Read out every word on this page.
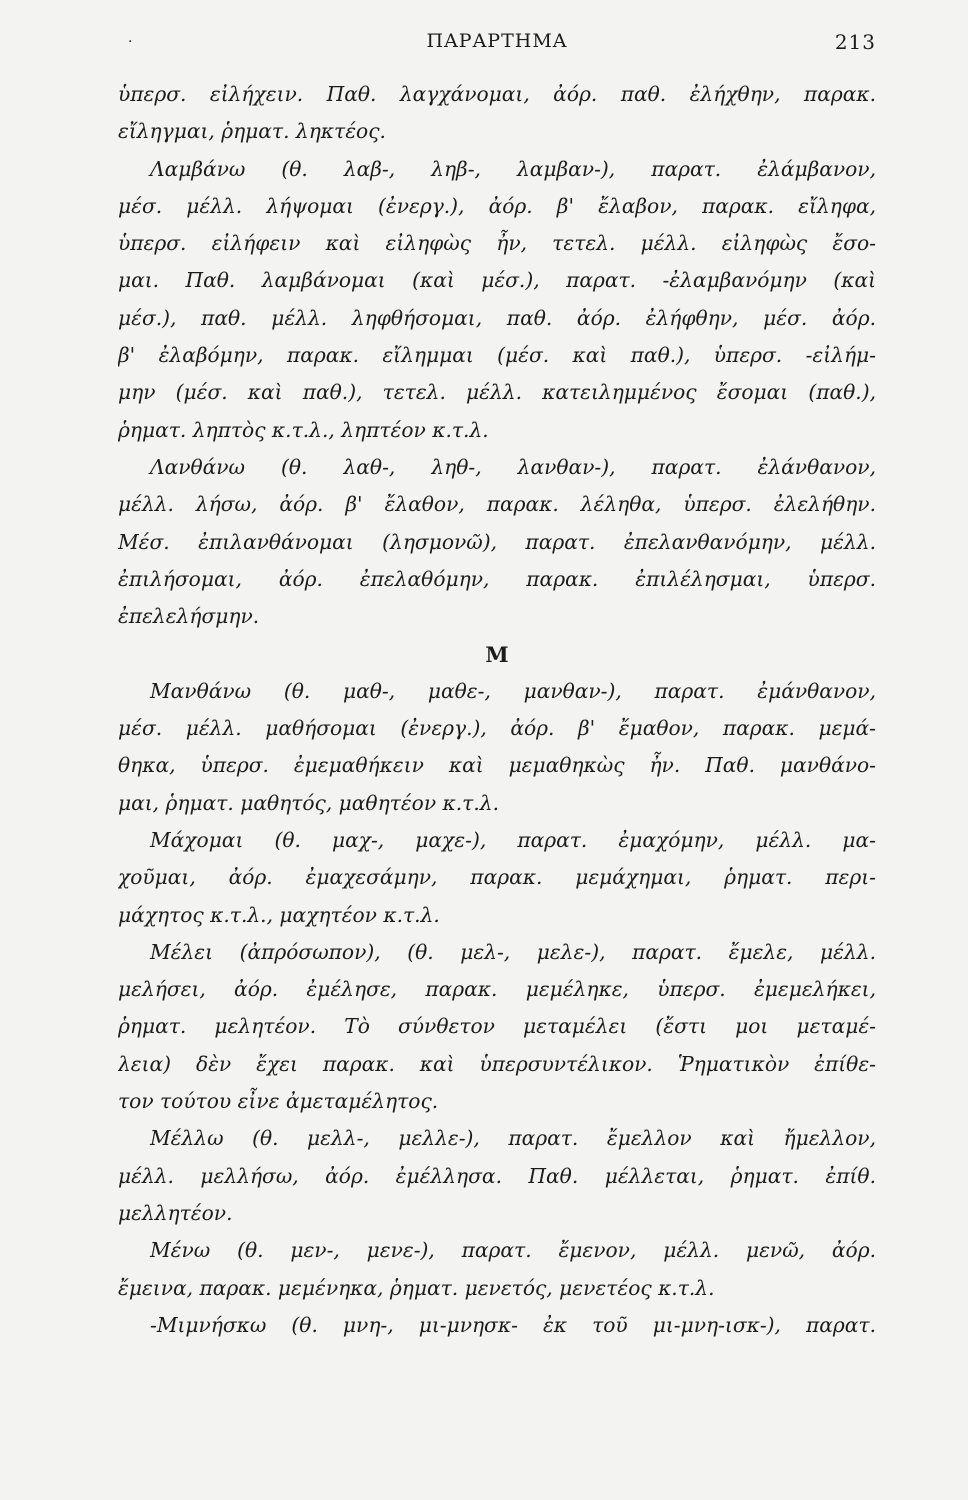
·	ΠΑΡΑΡΤΗΜΑ	213
ὑπερσ. εἰλήχειν. Παθ. λαγχάνομαι, ἀόρ. παθ. ἐλήχθην, παρακ.
εἴληγμαι, ῥηματ. ληκτέος.
Λαμβάνω (θ. λαβ-, ληβ-, λαμβαν-), παρατ. ἐλάμβανον,
μέσ. μέλλ. λήψομαι (ἐνεργ.), ἀόρ. β' ἔλαβον, παρακ. εἴληφα,
ὑπερσ. εἰλήφειν καὶ εἰληφὼς ἦν, τετελ. μέλλ. εἰληφὼς ἔσο-
μαι. Παθ. λαμβάνομαι (καὶ μέσ.), παρατ. -ἐλαμβανόμην (καὶ
μέσ.), παθ. μέλλ. ληφθήσομαι, παθ. ἀόρ. ἐλήφθην, μέσ. ἀόρ.
β' ἐλαβόμην, παρακ. εἴλημμαι (μέσ. καὶ παθ.), ὑπερσ. -εἰλήμ-
μην (μέσ. καὶ παθ.), τετελ. μέλλ. κατειλημμένος ἔσομαι (παθ.),
ῥηματ. ληπτὸς κ.τ.λ., ληπτέον κ.τ.λ.
Λανθάνω (θ. λαθ-, ληθ-, λανθαν-), παρατ. ἐλάνθανον,
μέλλ. λήσω, ἀόρ. β' ἔλαθον, παρακ. λέληθα, ὑπερσ. ἐλελήθην.
Μέσ. ἐπιλανθάνομαι (λησμονῶ), παρατ. ἐπελανθανόμην, μέλλ.
ἐπιλήσομαι, ἀόρ. ἐπελαθόμην, παρακ. ἐπιλέλησμαι, ὑπερσ.
ἐπελελήσμην.
Μ
Μανθάνω (θ. μαθ-, μαθε-, μανθαν-), παρατ. ἐμάνθανον,
μέσ. μέλλ. μαθήσομαι (ἐνεργ.), ἀόρ. β' ἔμαθον, παρακ. μεμά-
θηκα, ὑπερσ. ἐμεμαθήκειν καὶ μεμαθηκὼς ἦν. Παθ. μανθάνο-
μαι, ῥηματ. μαθητός, μαθητέον κ.τ.λ.
Μάχομαι (θ. μαχ-, μαχε-), παρατ. ἐμαχόμην, μέλλ. μα-
χοῦμαι, ἀόρ. ἐμαχεσάμην, παρακ. μεμάχημαι, ῥηματ. περι-
μάχητος κ.τ.λ., μαχητέον κ.τ.λ.
Μέλει (ἀπρόσωπον), (θ. μελ-, μελε-), παρατ. ἔμελε, μέλλ.
μελήσει, ἀόρ. ἐμέλησε, παρακ. μεμέληκε, ὑπερσ. ἐμεμελήκει,
ῥηματ. μελητέον. Τὸ σύνθετον μεταμέλει (ἔστι μοι μεταμέ-
λεια) δὲν ἔχει παρακ. καὶ ὑπερσυντέλικον. Ῥηματικὸν ἐπίθε-
τον τούτου εἶνε ἀμεταμέλητος.
Μέλλω (θ. μελλ-, μελλε-), παρατ. ἔμελλον καὶ ἤμελλον,
μέλλ. μελλήσω, ἀόρ. ἐμέλλησα. Παθ. μέλλεται, ῥηματ. ἐπίθ.
μελλητέον.
Μένω (θ. μεν-, μενε-), παρατ. ἔμενον, μέλλ. μενῶ, ἀόρ.
ἔμεινα, παρακ. μεμένηκα, ῥηματ. μενετός, μενετέος κ.τ.λ.
-Μιμνήσκω (θ. μνη-, μι-μνησκ- ἐκ τοῦ μι-μνη-ισκ-), παρατ.
